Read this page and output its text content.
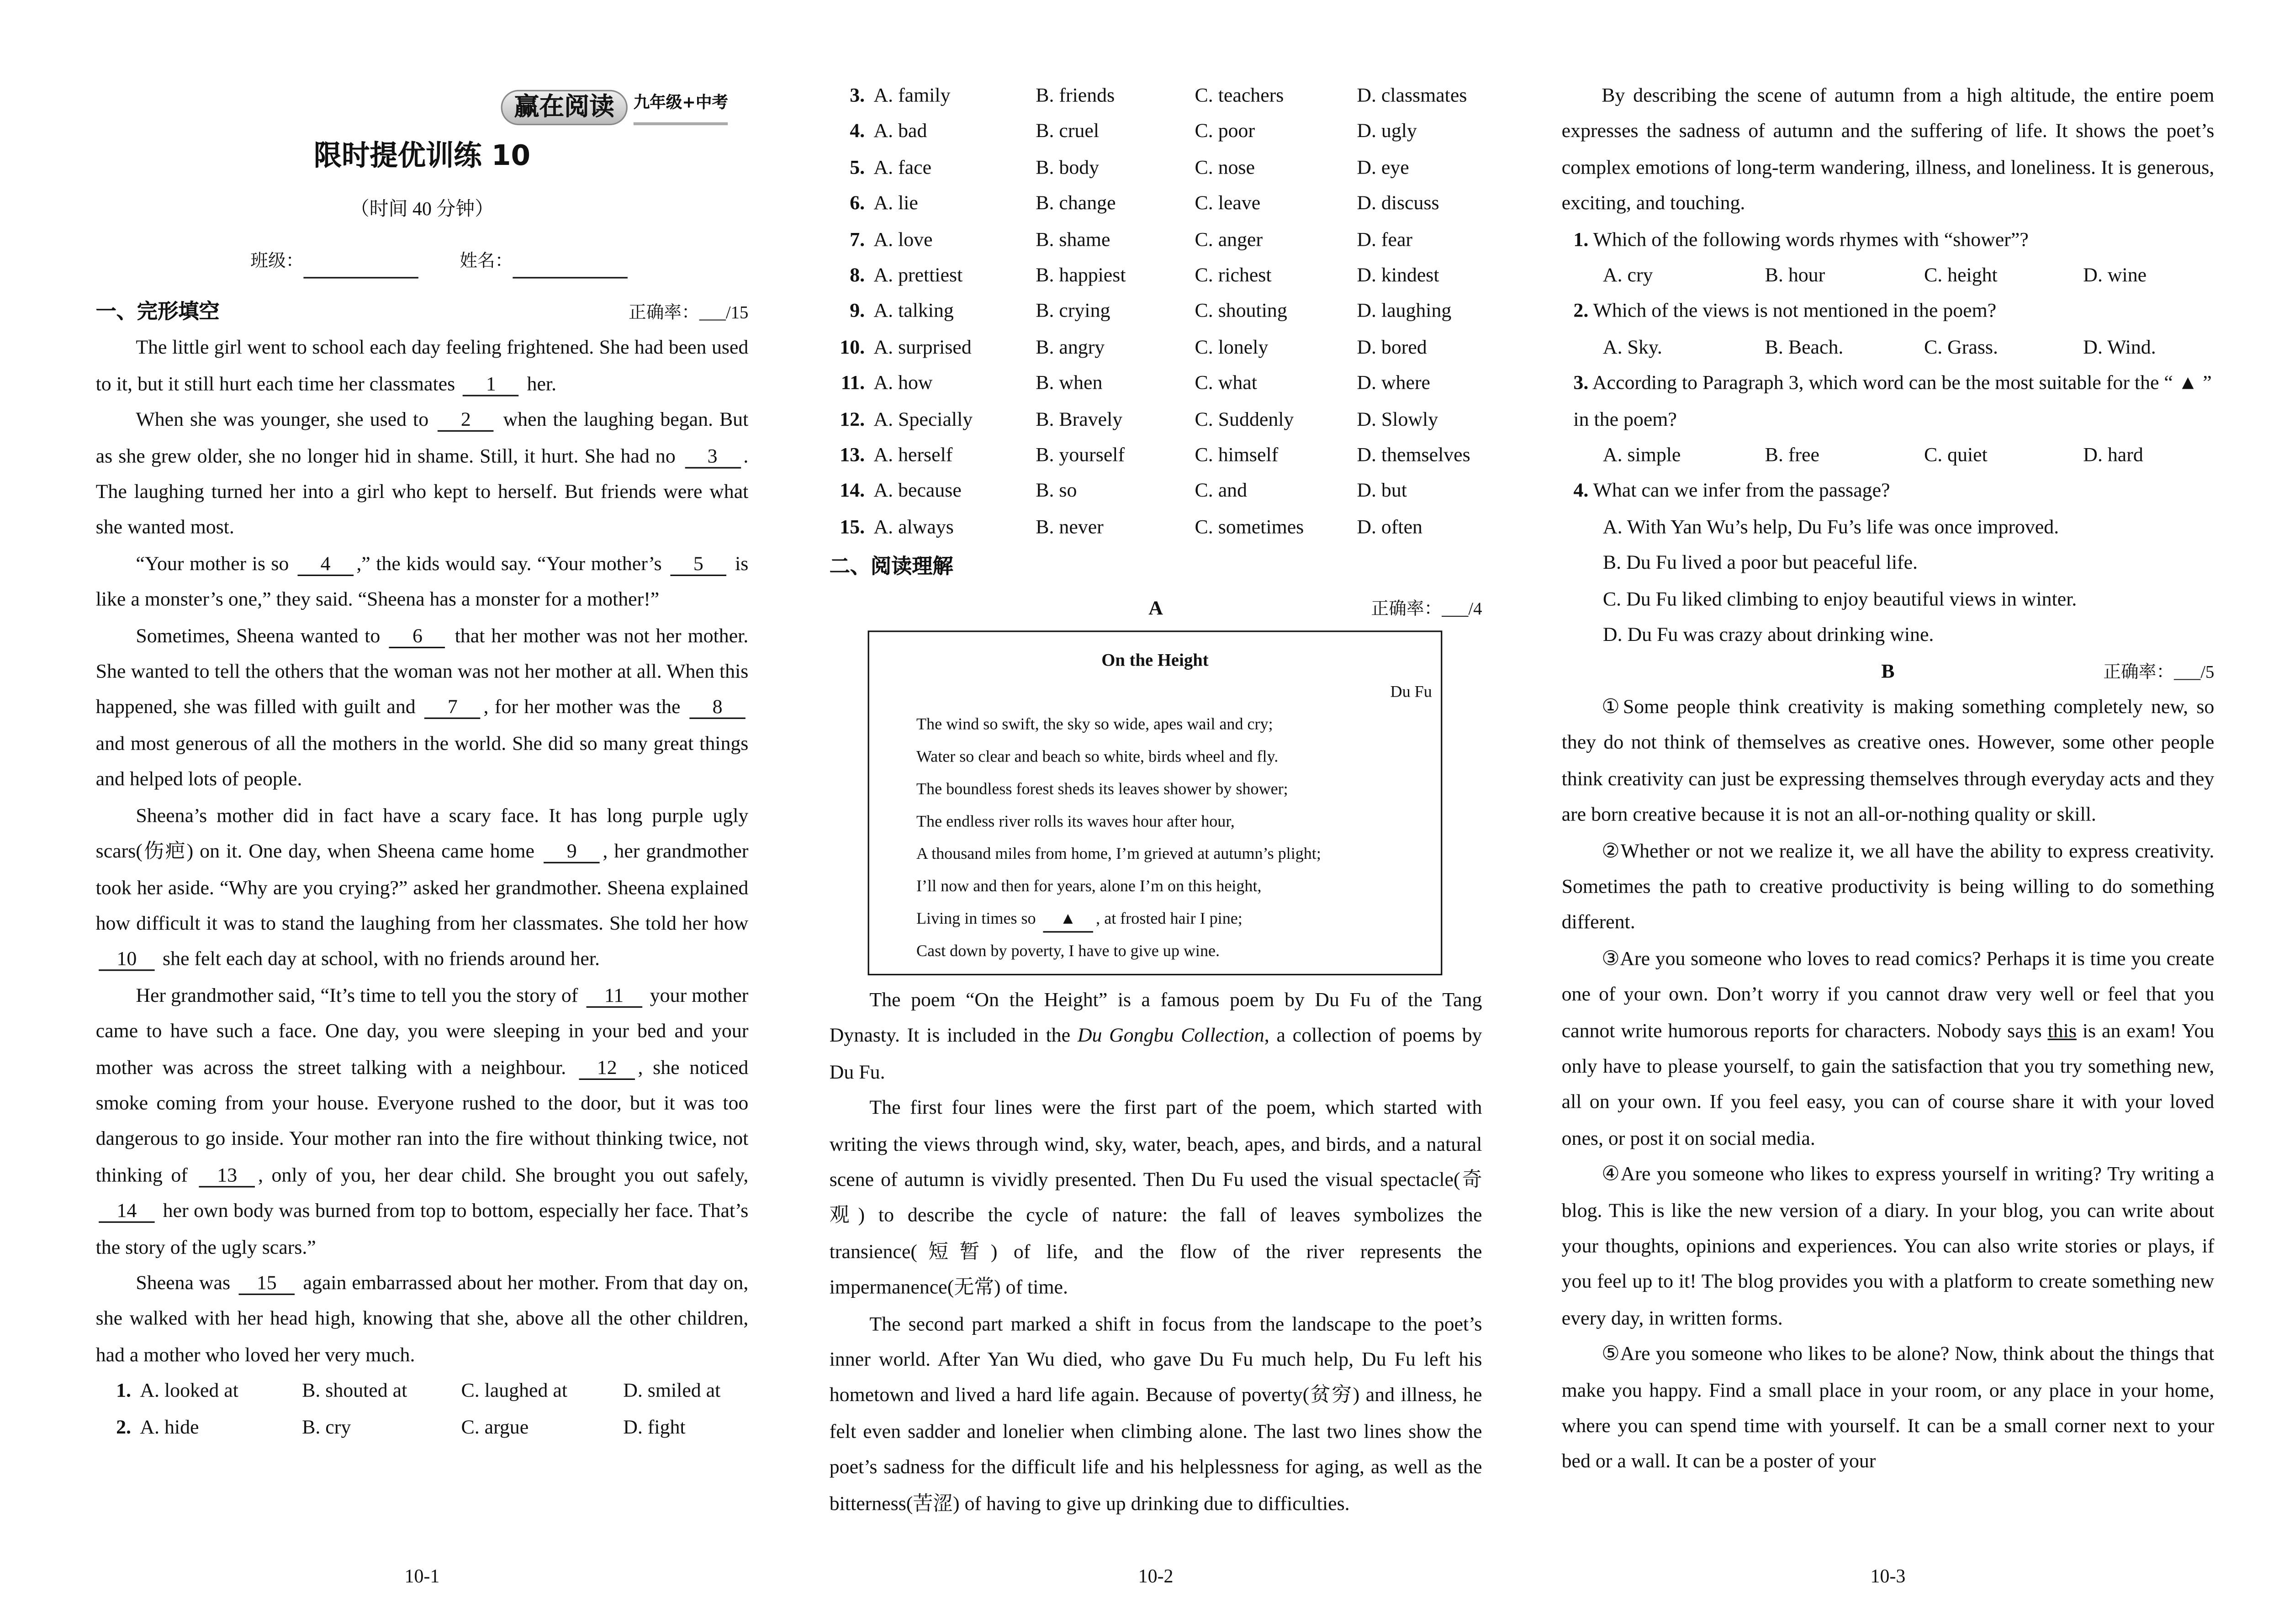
赢在阅读	九年级+中考
限时提优训练 10
（时间 40 分钟）
班级：	姓名：
一、完形填空	正确率：___/15

The little girl went to school each day feeling frightened. She had been used to it, but it still hurt each time her classmates	1	her.

When she was younger, she used to	2	when the laughing began. But as she grew older, she no longer hid in shame. Still, it hurt. She had no	3	. The laughing turned her into a girl who kept to herself. But friends were what she wanted most.

“Your mother is so	4	,” the kids would say. “Your mother’s	5	is like a monster’s one,” they said. “Sheena has a monster for a mother!”

Sometimes, Sheena wanted to	6	that her mother was not her mother. She wanted to tell the others that the woman was not her mother at all. When this happened, she was filled with guilt and	7	, for her mother was the	8 and most generous of all the mothers in the world. She did so many great things and helped lots of people.

Sheena’s mother did in fact have a scary face. It has long purple ugly scars(伤疤) on it. One day, when Sheena came home	9	, her grandmother took her aside. “Why are you crying?” asked her grandmother. Sheena explained how difficult it was to stand the laughing from her classmates. She told her how 10	she felt each day at school, with no friends around her.

Her grandmother said, “It’s time to tell you the story of	11	your mother came to have such a face. One day, you were sleeping in your bed and your mother was across the street talking with a neighbour.	12	, she noticed smoke coming from your house. Everyone rushed to the door, but it was too dangerous to go inside. Your mother ran into the fire without thinking twice, not thinking of	13	, only of you, her dear child. She brought you out safely, 14	her own body was burned from top to bottom, especially her face. That’s the story of the ugly scars.”

Sheena was	15	again embarrassed about her mother. From that day on, she walked with her head high, knowing that she, above all the other children, had a mother who loved her very much.

1.	A. looked at	B. shouted at	C. laughed at	D. smiled at
2.	A. hide	B. cry	C. argue	D. fight
10-1
3.	A. family	B. friends	C. teachers	D. classmates
4.	A. bad	B. cruel	C. poor	D. ugly
5.	A. face	B. body	C. nose	D. eye
6.	A. lie	B. change	C. leave	D. discuss
7.	A. love	B. shame	C. anger	D. fear
8.	A. prettiest	B. happiest	C. richest	D. kindest
9.	A. talking	B. crying	C. shouting	D. laughing
10.	A. surprised	B. angry	C. lonely	D. bored
11.	A. how	B. when	C. what	D. where
12.	A. Specially	B. Bravely	C. Suddenly	D. Slowly
13.	A. herself	B. yourself	C. himself	D. themselves
14.	A. because	B. so	C. and	D. but
15.	A. always	B. never	C. sometimes	D. often
二、阅读理解
A	正确率：___/4
On the Height
Du Fu
The wind so swift, the sky so wide, apes wail and cry;
Water so clear and beach so white, birds wheel and fly.
The boundless forest sheds its leaves shower by shower;
The endless river rolls its waves hour after hour,
A thousand miles from home, I’m grieved at autumn’s plight;
I’ll now and then for years, alone I’m on this height,
Living in times so	▲	, at frosted hair I pine;
Cast down by poverty, I have to give up wine.

The poem “On the Height” is a famous poem by Du Fu of the Tang Dynasty. It is included in the Du Gongbu Collection, a collection of poems by Du Fu.

The first four lines were the first part of the poem, which started with writing the views through wind, sky, water, beach, apes, and birds, and a natural scene of autumn is vividly presented. Then Du Fu used the visual spectacle(奇观) to describe the cycle of nature: the fall of leaves symbolizes the transience(短暂) of life, and the flow of the river represents the impermanence(无常) of time.

The second part marked a shift in focus from the landscape to the poet’s inner world. After Yan Wu died, who gave Du Fu much help, Du Fu left his hometown and lived a hard life again. Because of poverty(贫穷) and illness, he felt even sadder and lonelier when climbing alone. The last two lines show the poet’s sadness for the difficult life and his helplessness for aging, as well as the bitterness(苦涩) of having to give up drinking due to difficulties.

10-2

By describing the scene of autumn from a high altitude, the entire poem expresses the sadness of autumn and the suffering of life. It shows the poet’s complex emotions of long-term wandering, illness, and loneliness. It is generous, exciting, and touching.

1. Which of the following words rhymes with “shower”?
A. cry	B. hour	C. height	D. wine
2. Which of the views is not mentioned in the poem?
A. Sky.	B. Beach.	C. Grass.	D. Wind.
3. According to Paragraph 3, which word can be the most suitable for the “ ▲ ” in the poem?
A. simple	B. free	C. quiet	D. hard
4. What can we infer from the passage?
A. With Yan Wu’s help, Du Fu’s life was once improved.
B. Du Fu lived a poor but peaceful life.
C. Du Fu liked climbing to enjoy beautiful views in winter.
D. Du Fu was crazy about drinking wine.
B	正确率：___/5

①Some people think creativity is making something completely new, so they do not think of themselves as creative ones. However, some other people think creativity can just be expressing themselves through everyday acts and they are born creative because it is not an all-or-nothing quality or skill.

②Whether or not we realize it, we all have the ability to express creativity. Sometimes the path to creative productivity is being willing to do something different.

③Are you someone who loves to read comics? Perhaps it is time you create one of your own. Don’t worry if you cannot draw very well or feel that you cannot write humorous reports for characters. Nobody says this is an exam! You only have to please yourself, to gain the satisfaction that you try something new, all on your own. If you feel easy, you can of course share it with your loved ones, or post it on social media.

④Are you someone who likes to express yourself in writing? Try writing a blog. This is like the new version of a diary. In your blog, you can write about your thoughts, opinions and experiences. You can also write stories or plays, if you feel up to it! The blog provides you with a platform to create something new every day, in written forms.

⑤Are you someone who likes to be alone? Now, think about the things that make you happy. Find a small place in your room, or any place in your home, where you can spend time with yourself. It can be a small corner next to your bed or a wall. It can be a poster of your

10-3
